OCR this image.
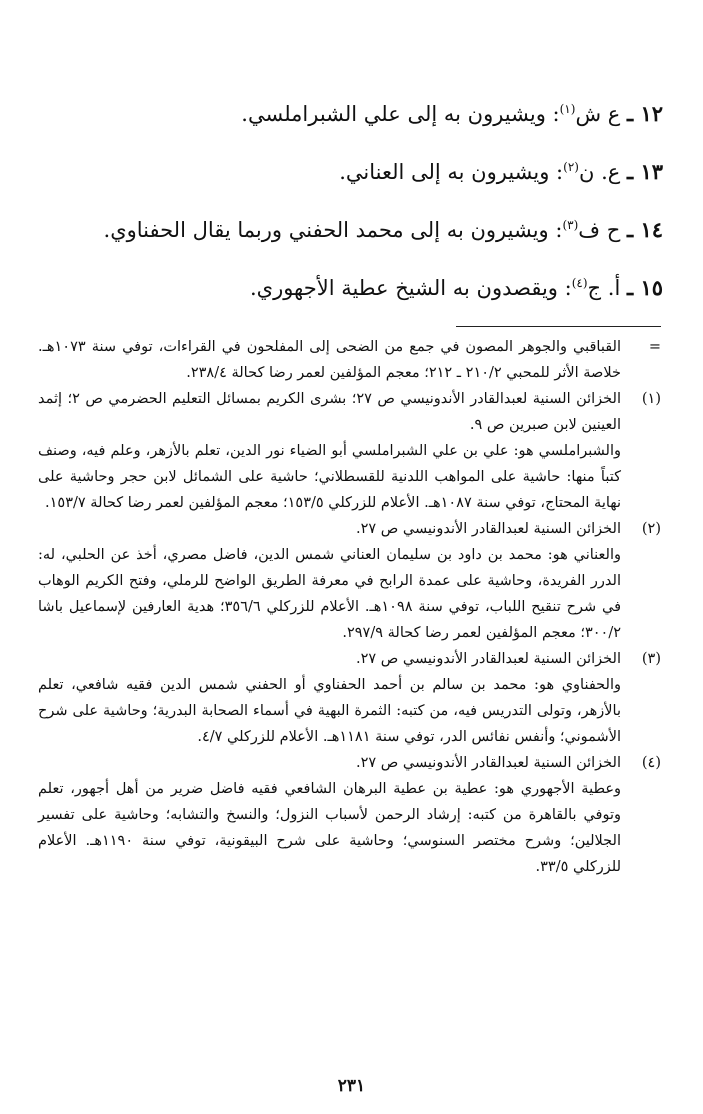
١٢ ـ ع ش$^{(١)}$: ويشيرون به إلى علي الشبراملسي.
١٣ ـ ع. ن$^{(٢)}$: ويشيرون به إلى العناني.
١٤ ـ ح ف$^{(٣)}$: ويشيرون به إلى محمد الحفني وربما يقال الحفناوي.
١٥ ـ أ. ج$^{(٤)}$: ويقصدون به الشيخ عطية الأجهوري.
=
القباقبي والجوهر المصون في جمع من الضحى إلى المفلحون في القراءات، توفي سنة ١٠٧٣هـ. خلاصة الأثر للمحبي ٢١٠/٢ ـ ٢١٢؛ معجم المؤلفين لعمر رضا كحالة ٢٣٨/٤.
(١)
الخزائن السنية لعبدالقادر الأندونيسي ص ٢٧؛ بشرى الكريم بمسائل التعليم الحضرمي ص ٢؛ إثمد العينين لابن صبرين ص ٩.
والشبراملسي هو: علي بن علي الشبراملسي أبو الضياء نور الدين، تعلم بالأزهر، وعلم فيه، وصنف كتباً منها: حاشية على المواهب اللدنية للقسطلاني؛ حاشية على الشمائل لابن حجر وحاشية على نهاية المحتاج، توفي سنة ١٠٨٧هـ. الأعلام للزركلي ١٥٣/٥؛ معجم المؤلفين لعمر رضا كحالة ١٥٣/٧.
(٢)
الخزائن السنية لعبدالقادر الأندونيسي ص ٢٧.
والعناني هو: محمد بن داود بن سليمان العناني شمس الدين، فاضل مصري، أخذ عن الحلبي، له: الدرر الفريدة، وحاشية على عمدة الرابح في معرفة الطريق الواضح للرملي، وفتح الكريم الوهاب في شرح تنقيح اللباب، توفي سنة ١٠٩٨هـ. الأعلام للزركلي ٣٥٦/٦؛ هدية العارفين لإسماعيل باشا ٣٠٠/٢؛ معجم المؤلفين لعمر رضا كحالة ٢٩٧/٩.
(٣)
الخزائن السنية لعبدالقادر الأندونيسي ص ٢٧.
والحفناوي هو: محمد بن سالم بن أحمد الحفناوي أو الحفني شمس الدين فقيه شافعي، تعلم بالأزهر، وتولى التدريس فيه، من كتبه: الثمرة البهية في أسماء الصحابة البدرية؛ وحاشية على شرح الأشموني؛ وأنفس نفائس الدر، توفي سنة ١١٨١هـ. الأعلام للزركلي ٤/٧.
(٤)
الخزائن السنية لعبدالقادر الأندونيسي ص ٢٧.
وعطية الأجهوري هو: عطية بن عطية البرهان الشافعي فقيه فاضل ضرير من أهل أجهور، تعلم وتوفي بالقاهرة من كتبه: إرشاد الرحمن لأسباب النزول؛ والنسخ والتشابه؛ وحاشية على تفسير الجلالين؛ وشرح مختصر السنوسي؛ وحاشية على شرح البيقونية، توفي سنة ١١٩٠هـ. الأعلام للزركلي ٣٣/٥.
٢٣١
